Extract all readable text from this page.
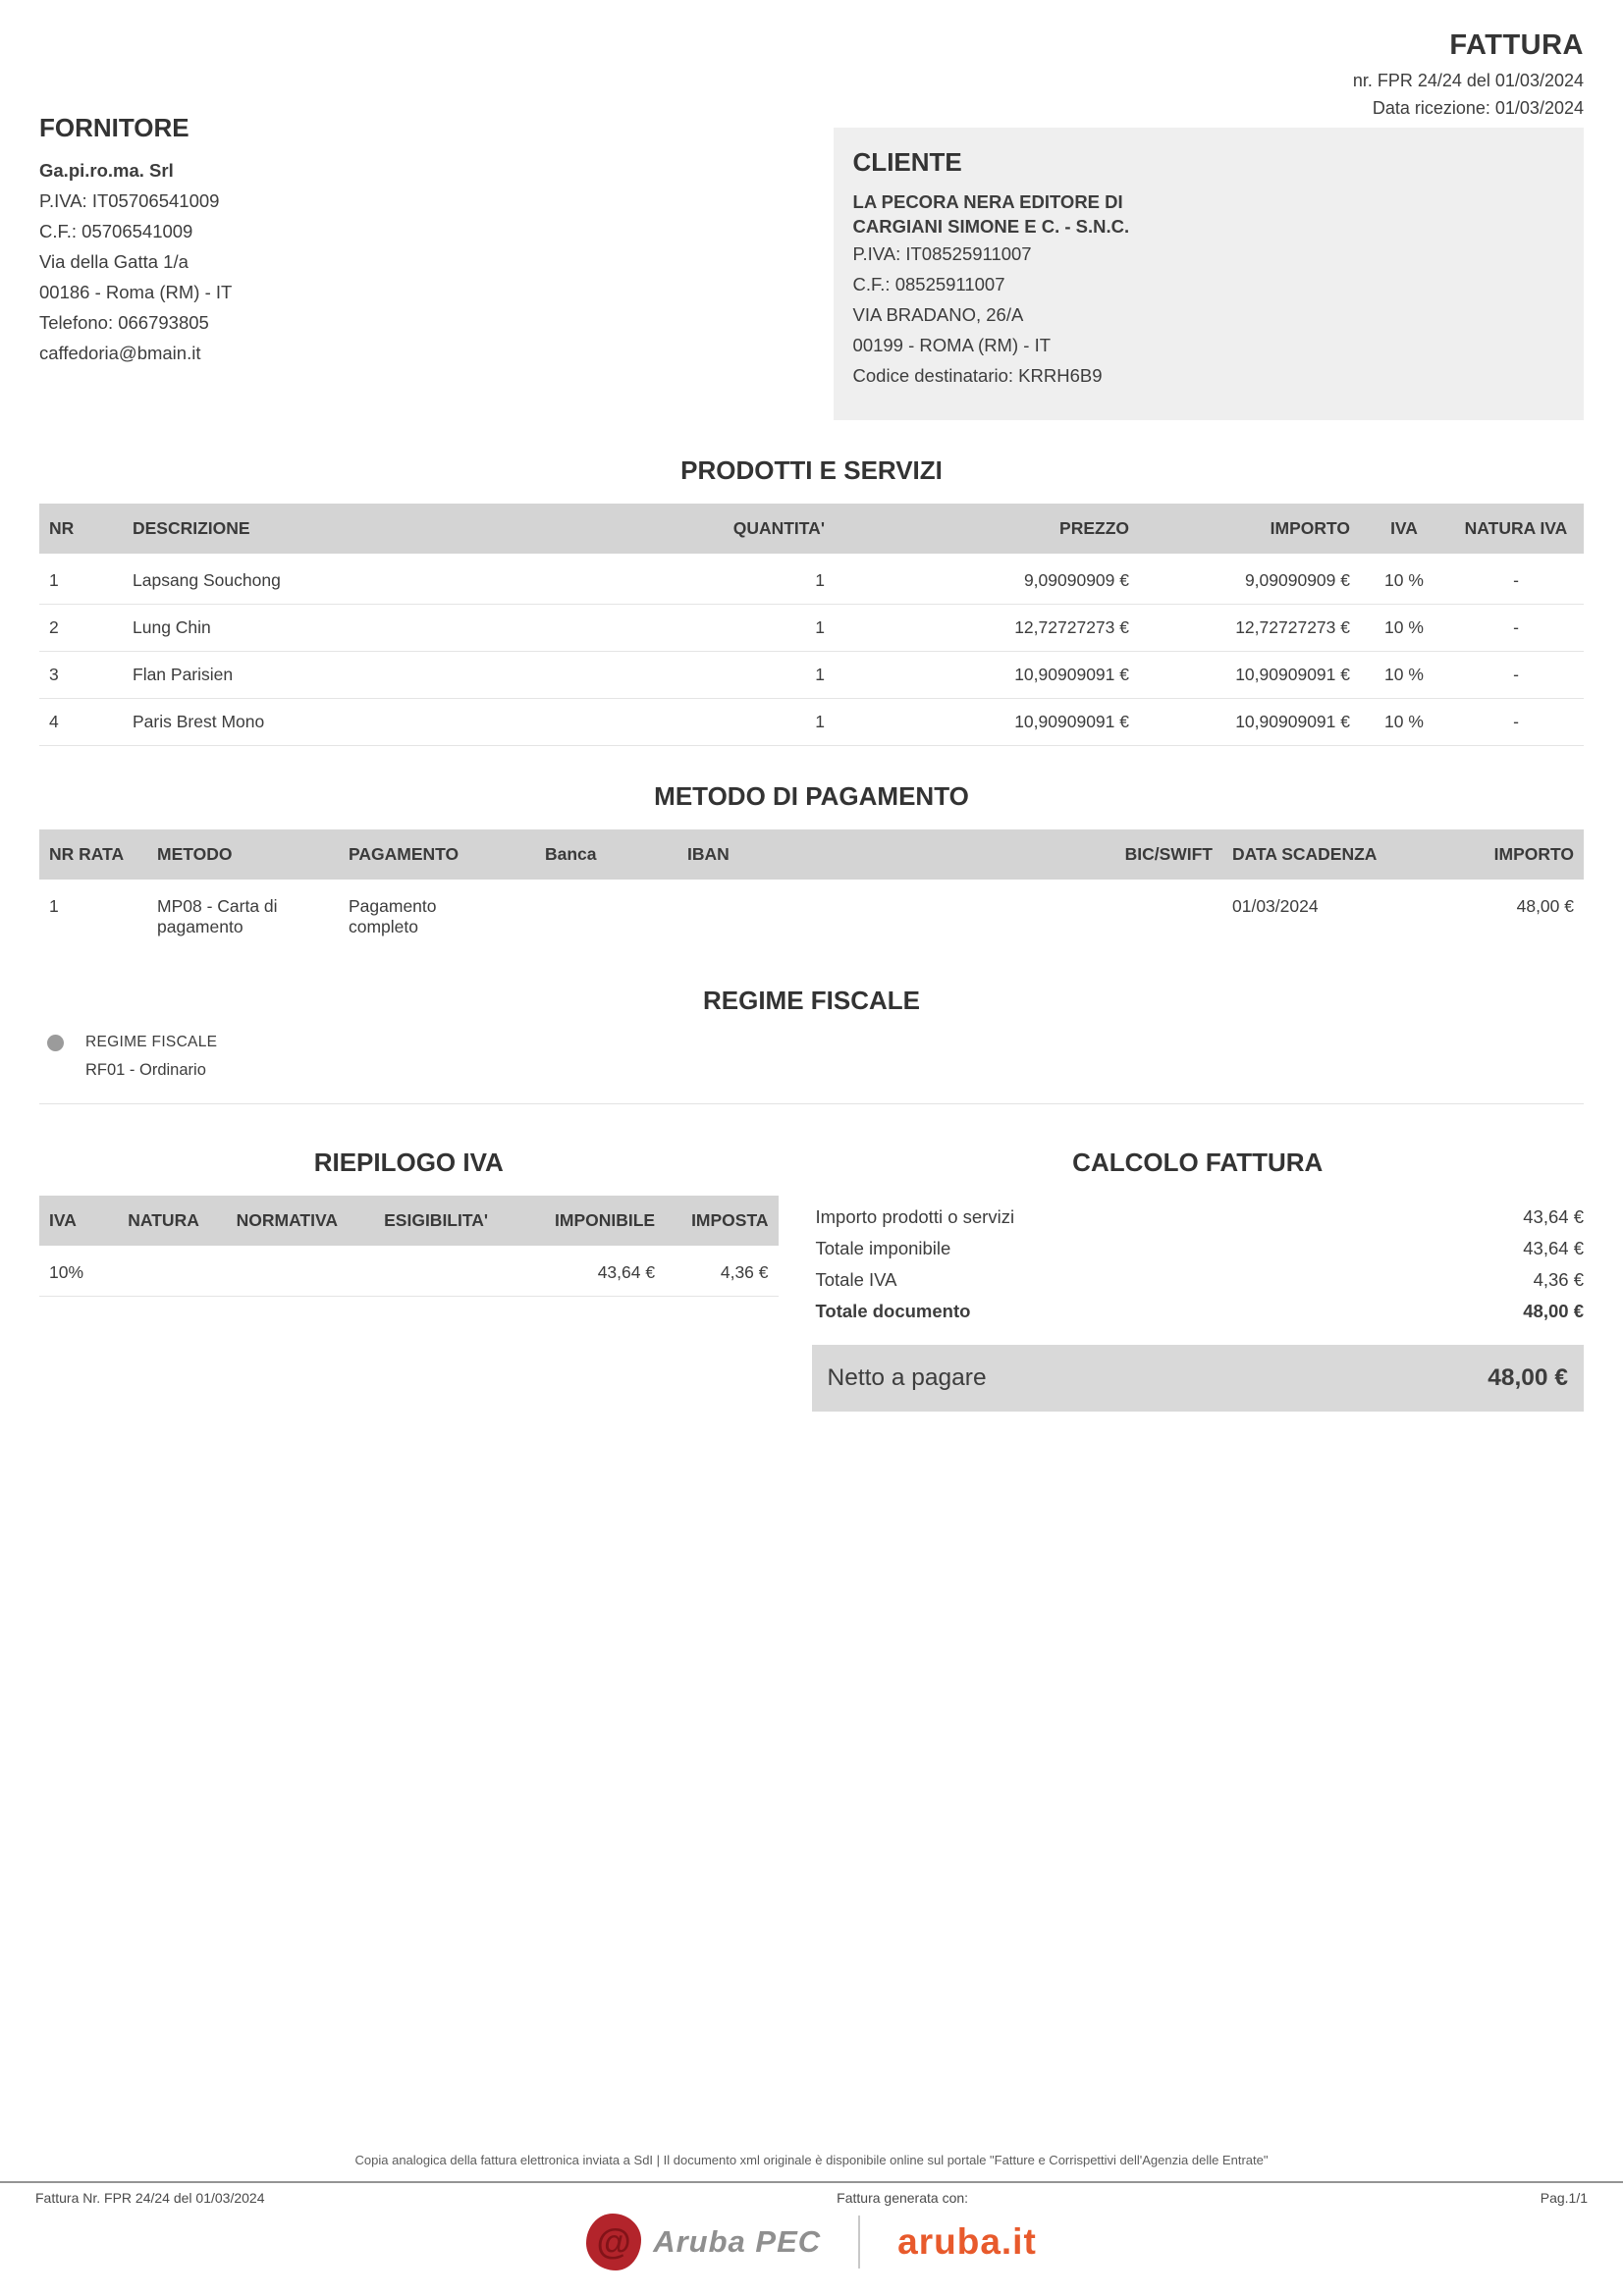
FATTURA
nr. FPR 24/24 del 01/03/2024
FORNITORE
Ga.pi.ro.ma. Srl
P.IVA: IT05706541009
C.F.: 05706541009
Via della Gatta 1/a
00186 - Roma (RM) - IT
Telefono: 066793805
caffedoria@bmain.it
Data ricezione: 01/03/2024
CLIENTE
LA PECORA NERA EDITORE DI
CARGIANI SIMONE E C. - S.N.C.
P.IVA: IT08525911007
C.F.: 08525911007
VIA BRADANO, 26/A
00199 - ROMA (RM) - IT
Codice destinatario: KRRH6B9
PRODOTTI E SERVIZI
NR	DESCRIZIONE	QUANTITA'	PREZZO	IMPORTO	IVA	NATURA IVA
1	Lapsang Souchong	1	9,09090909 €	9,09090909 €	10 %	-
2	Lung Chin	1	12,72727273 €	12,72727273 €	10 %	-
3	Flan Parisien	1	10,90909091 €	10,90909091 €	10 %	-
4	Paris Brest Mono	1	10,90909091 €	10,90909091 €	10 %	-
METODO DI PAGAMENTO
NR RATA	METODO	PAGAMENTO	Banca	IBAN	BIC/SWIFT	DATA SCADENZA	IMPORTO
1	MP08 - Carta di pagamento	Pagamento completo				01/03/2024	48,00 €
REGIME FISCALE
REGIME FISCALE
RF01 - Ordinario
RIEPILOGO IVA
IVA	NATURA	NORMATIVA	ESIGIBILITA'	IMPONIBILE	IMPOSTA
10%				43,64 €	4,36 €
CALCOLO FATTURA
Importo prodotti o servizi	43,64 €
Totale imponibile	43,64 €
Totale IVA	4,36 €
Totale documento	48,00 €
Netto a pagare	48,00 €
Copia analogica della fattura elettronica inviata a SdI | Il documento xml originale è disponibile online sul portale "Fatture e Corrispettivi dell'Agenzia delle Entrate"
Fattura Nr. FPR 24/24 del 01/03/2024	Fattura generata con:	Pag.1/1
@ Aruba PEC aruba.it
